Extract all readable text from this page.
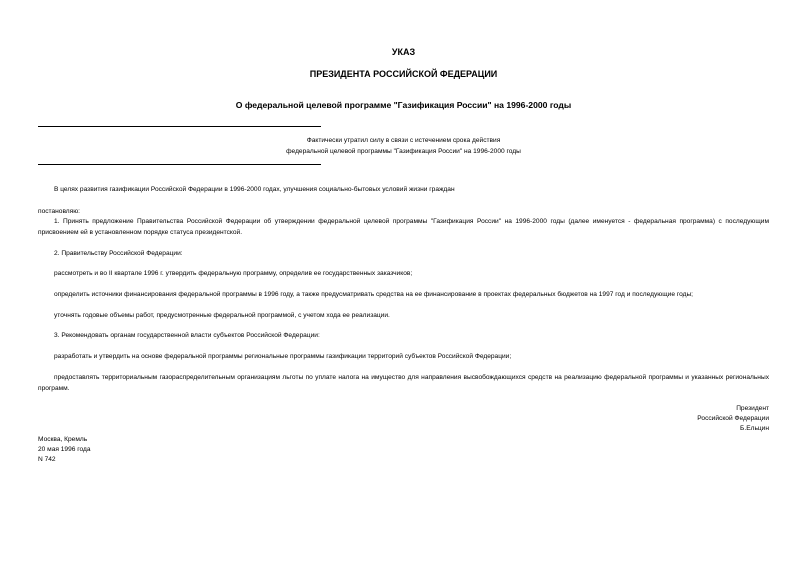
УКАЗ
ПРЕЗИДЕНТА РОССИЙСКОЙ ФЕДЕРАЦИИ
О федеральной целевой программе "Газификация России" на 1996-2000 годы
Фактически утратил силу в связи с истечением срока действия
федеральной целевой программы "Газификация России" на 1996-2000 годы
В целях развития газификации Российской Федерации в 1996-2000 годах, улучшения социально-бытовых условий жизни граждан
постановляю:
1. Принять предложение Правительства Российской Федерации об утверждении федеральной целевой программы "Газификация России" на 1996-2000 годы (далее именуется - федеральная программа) с последующим присвоением ей в установленном порядке статуса президентской.
2. Правительству Российской Федерации:
рассмотреть и во II квартале 1996 г. утвердить федеральную программу, определив ее государственных заказчиков;
определить источники финансирования федеральной программы в 1996 году, а также предусматривать средства на ее финансирование в проектах федеральных бюджетов на 1997 год и последующие годы;
уточнять годовые объемы работ, предусмотренные федеральной программой, с учетом хода ее реализации.
3. Рекомендовать органам государственной власти субъектов Российской Федерации:
разработать и утвердить на основе федеральной программы региональные программы газификации территорий субъектов Российской Федерации;
предоставлять территориальным газораспределительным организациям льготы по уплате налога на имущество для направления высвобождающихся средств на реализацию федеральной программы и указанных региональных программ.
Президент
Российской Федерации
Б.Ельцин
Москва, Кремль
20 мая 1996 года
N 742
